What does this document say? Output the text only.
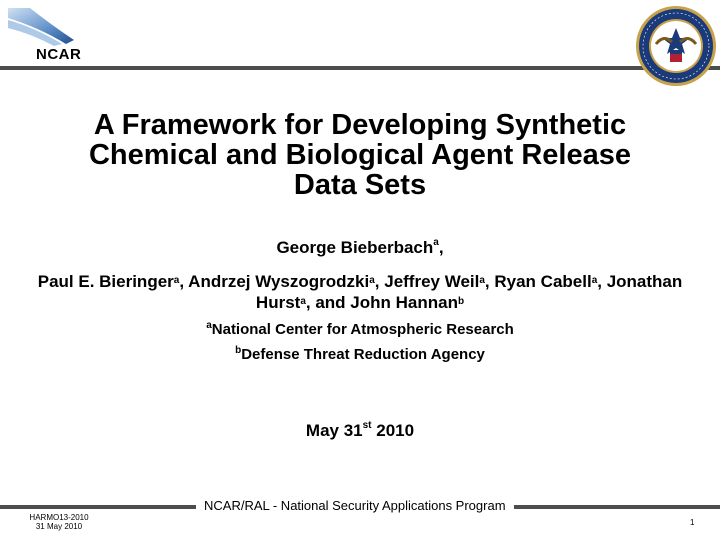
NCAR
A Framework for Developing Synthetic
Chemical and Biological Agent Release
Data Sets
George Bieberbach$^a$,
Paul E. Bieringer$^a$, Andrzej Wyszogrodzki$^a$, Jeffrey Weil$^a$, Ryan Cabell$^a$, Jonathan Hurst$^a$, and John Hannan$^b$
$^a$National Center for Atmospheric Research
$^b$Defense Threat Reduction Agency
May 31st 2010
NCAR/RAL - National Security Applications Program
HARMO13-2010
31 May 2010	1
